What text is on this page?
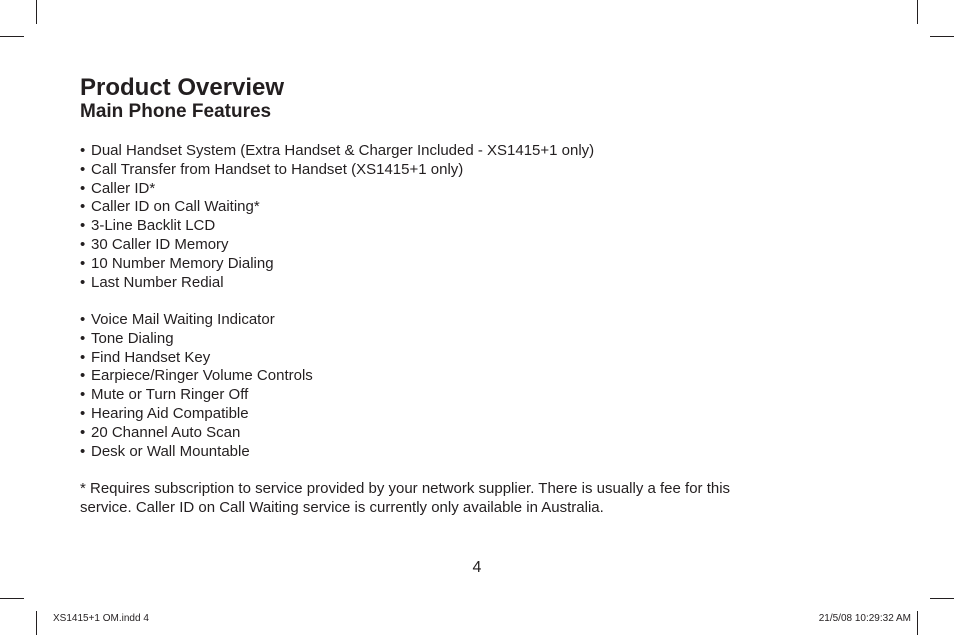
Product Overview
Main Phone Features
• Dual Handset System (Extra Handset & Charger Included - XS1415+1 only)
• Call Transfer from Handset to Handset (XS1415+1 only)
• Caller ID*
• Caller ID on Call Waiting*
• 3-Line Backlit LCD
• 30 Caller ID Memory
• 10 Number Memory Dialing
• Last Number Redial
• Voice Mail Waiting Indicator
• Tone Dialing
• Find Handset Key
• Earpiece/Ringer Volume Controls
• Mute or Turn Ringer Off
• Hearing Aid Compatible
• 20 Channel Auto Scan
• Desk or Wall Mountable

* Requires subscription to service provided by your network supplier. There is usually a fee for this service. Caller ID on Call Waiting service is currently only available in Australia.

4
XS1415+1 OM.indd 4	21/5/08 10:29:32 AM
